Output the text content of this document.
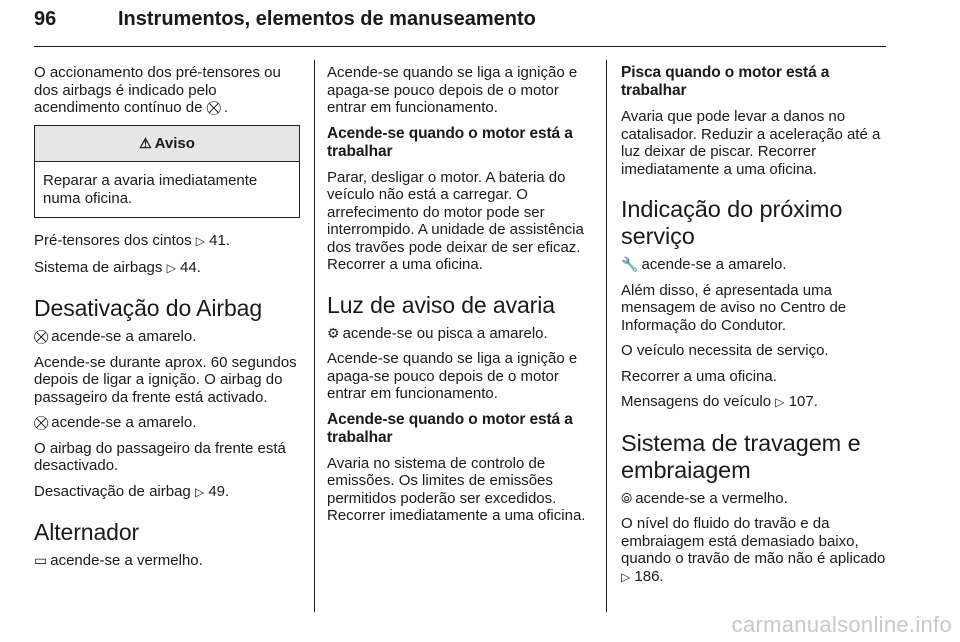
96	Instrumentos, elementos de manuseamento

O accionamento dos pré-tensores ou dos airbags é indicado pelo acendimento contínuo de ⛒ .

⚠ Aviso
Reparar a avaria imediatamente numa oficina.

Pré-tensores dos cintos ▷ 41.

Sistema de airbags ▷ 44.

Desativação do Airbag

⛒ acende-se a amarelo.

Acende-se durante aprox. 60 segundos depois de ligar a ignição. O airbag do passageiro da frente está activado.

⛒ acende-se a amarelo.

O airbag do passageiro da frente está desactivado.

Desactivação de airbag ▷ 49.

Alternador

▭ acende-se a vermelho.

Acende-se quando se liga a ignição e apaga-se pouco depois de o motor entrar em funcionamento.

Acende-se quando o motor está a trabalhar

Parar, desligar o motor. A bateria do veículo não está a carregar. O arrefecimento do motor pode ser interrompido. A unidade de assistência dos travões pode deixar de ser eficaz. Recorrer a uma oficina.

Luz de aviso de avaria

⚙ acende-se ou pisca a amarelo.

Acende-se quando se liga a ignição e apaga-se pouco depois de o motor entrar em funcionamento.

Acende-se quando o motor está a trabalhar

Avaria no sistema de controlo de emissões. Os limites de emissões permitidos poderão ser excedidos. Recorrer imediatamente a uma oficina.

Pisca quando o motor está a trabalhar

Avaria que pode levar a danos no catalisador. Reduzir a aceleração até a luz deixar de piscar. Recorrer imediatamente a uma oficina.

Indicação do próximo serviço

🔧 acende-se a amarelo.

Além disso, é apresentada uma mensagem de aviso no Centro de Informação do Condutor.

O veículo necessita de serviço.

Recorrer a uma oficina.

Mensagens do veículo ▷ 107.

Sistema de travagem e embraiagem

⦾ acende-se a vermelho.

O nível do fluido do travão e da embraiagem está demasiado baixo, quando o travão de mão não é aplicado ▷ 186.

carmanualsonline.info
